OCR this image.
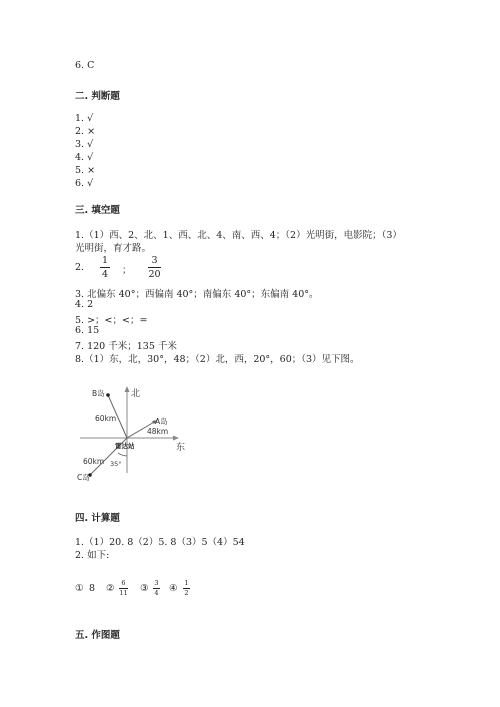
6. C
二. 判断题
1. √
2. ×
3. √
4. √
5. ×
6. √
三. 填空题
1.（1）西、2、北、1、西、北、4、南、西、4；（2）光明街，电影院；（3）
光明街，育才路。
2.
1
4 ；
3
20
3. 北偏东 40°；西偏南 40°；南偏东 40°；东偏南 40°。
4. 2
5. >；<；<；=
6. 15
7. 120 千米；135 千米
8.（1）东，北，30°，48；（2）北，西，20°，60；（3）见下图。
北
东
B岛
A岛
C岛
60km
48km
60km 35°
雷达站
四. 计算题
1.（1）20. 8（2）5. 8（3）5（4）54
2. 如下:
① 8 ②	6
11 ③ 3
4 ④ 1
2
五. 作图题
